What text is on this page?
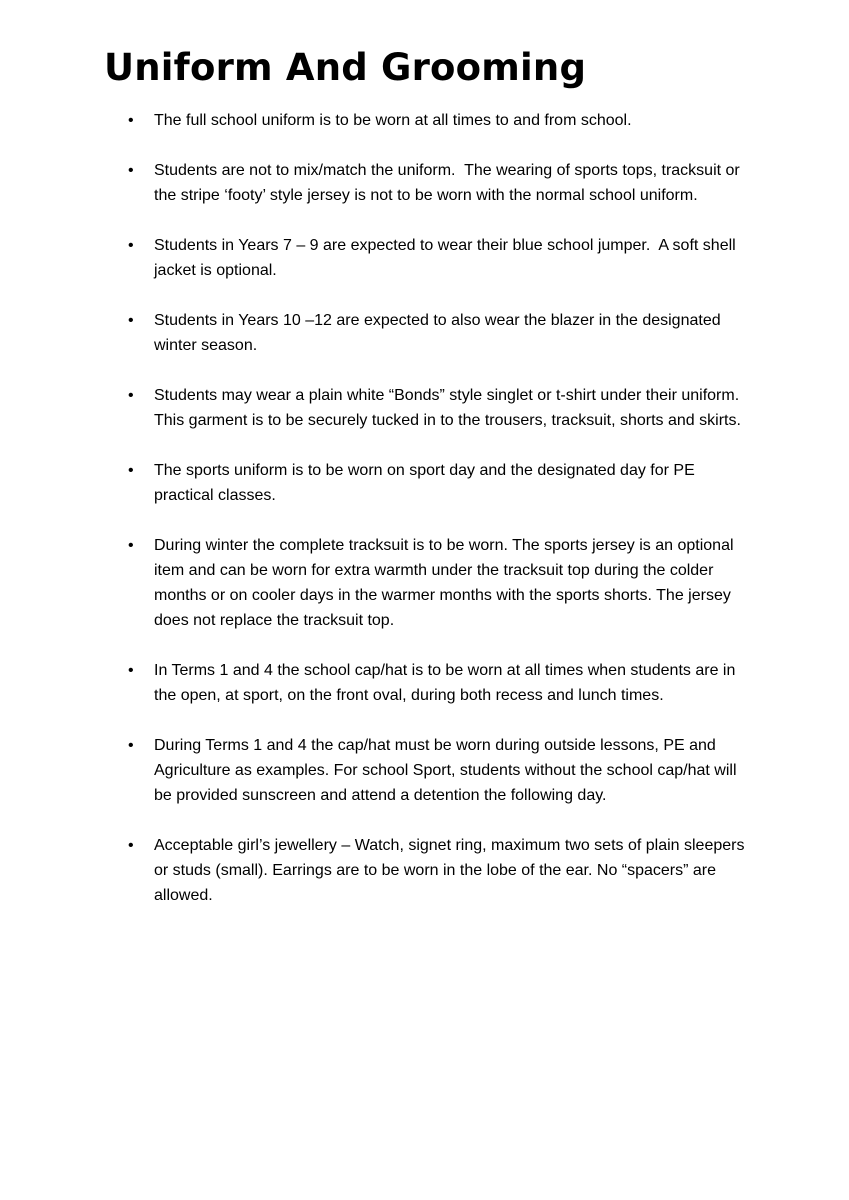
Uniform And Grooming
•	The full school uniform is to be worn at all times to and from school.
•	Students are not to mix/match the uniform.  The wearing of sports tops, tracksuit or the stripe ‘footy’ style jersey is not to be worn with the normal school uniform.
•	Students in Years 7 – 9 are expected to wear their blue school jumper.  A soft shell jacket is optional.
•	Students in Years 10 –12 are expected to also wear the blazer in the designated winter season.
•	Students may wear a plain white “Bonds” style singlet or t-shirt under their uniform. This garment is to be securely tucked in to the trousers, tracksuit, shorts and skirts.
•	The sports uniform is to be worn on sport day and the designated day for PE practical classes.
•	During winter the complete tracksuit is to be worn. The sports jersey is an optional item and can be worn for extra warmth under the tracksuit top during the colder months or on cooler days in the warmer months with the sports shorts. The jersey does not replace the tracksuit top.
•	In Terms 1 and 4 the school cap/hat is to be worn at all times when students are in the open, at sport, on the front oval, during both recess and lunch times.
•	During Terms 1 and 4 the cap/hat must be worn during outside lessons, PE and Agriculture as examples. For school Sport, students without the school cap/hat will be provided sunscreen and attend a detention the following day.
•	Acceptable girl’s jewellery – Watch, signet ring, maximum two sets of plain sleepers or studs (small). Earrings are to be worn in the lobe of the ear. No “spacers” are allowed.
